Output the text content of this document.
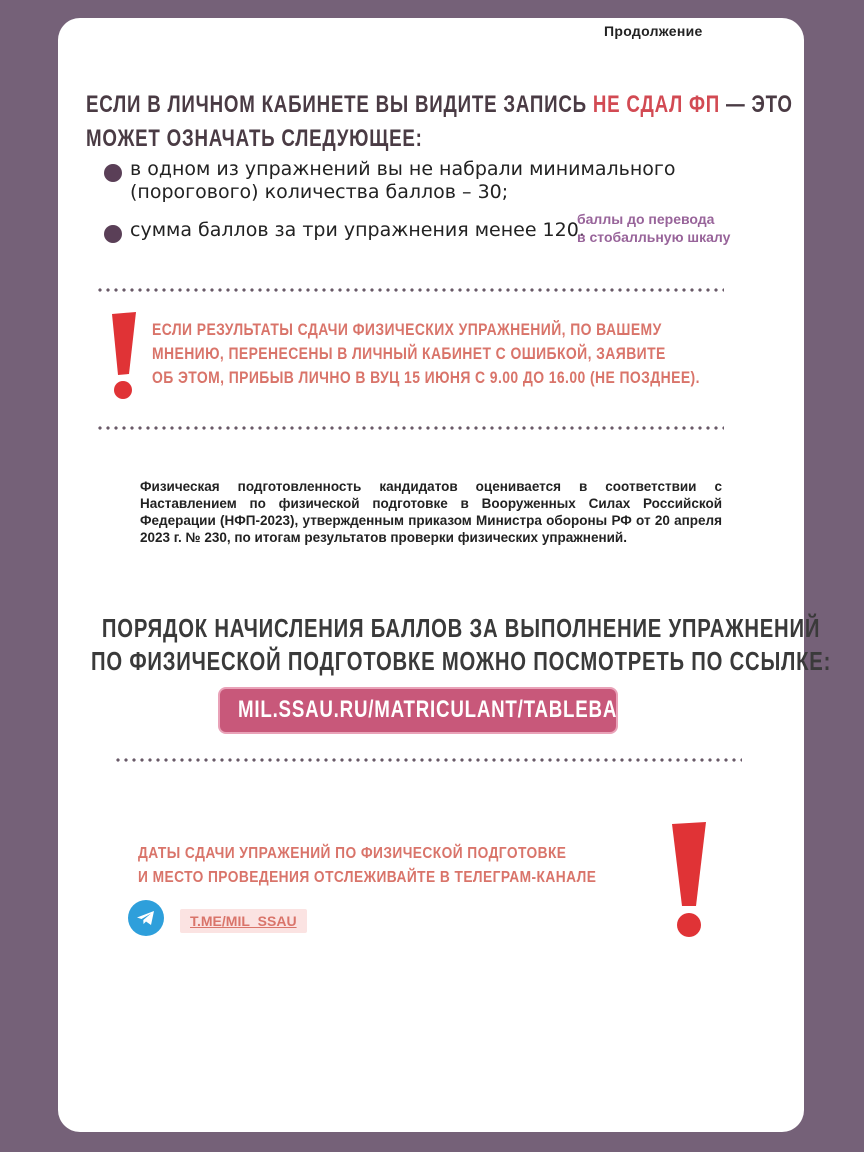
Продолжение
ЕСЛИ В ЛИЧНОМ КАБИНЕТЕ ВЫ ВИДИТЕ ЗАПИСЬ НЕ СДАЛ ФП — ЭТО
МОЖЕТ ОЗНАЧАТЬ СЛЕДУЮЩЕЕ:
в одном из упражнений вы не набрали минимального
(порогового) количества баллов – 30;
сумма баллов за три упражнения менее 120.
баллы до перевода
в стобалльную шкалу
ЕСЛИ РЕЗУЛЬТАТЫ СДАЧИ ФИЗИЧЕСКИХ УПРАЖНЕНИЙ, ПО ВАШЕМУ
МНЕНИЮ, ПЕРЕНЕСЕНЫ В ЛИЧНЫЙ КАБИНЕТ С ОШИБКОЙ, ЗАЯВИТЕ
ОБ ЭТОМ, ПРИБЫВ ЛИЧНО В ВУЦ 15 ИЮНЯ С 9.00 ДО 16.00 (НЕ ПОЗДНЕЕ).
Физическая подготовленность кандидатов оценивается в соответствии с Наставлением по физической подготовке в Вооруженных Силах Российской Федерации (НФП-2023), утвержденным приказом Министра обороны РФ от 20 апреля 2023 г. № 230, по итогам результатов проверки физических упражнений.
ПОРЯДОК НАЧИСЛЕНИЯ БАЛЛОВ ЗА ВЫПОЛНЕНИЕ УПРАЖНЕНИЙ
ПО ФИЗИЧЕСКОЙ ПОДГОТОВКЕ МОЖНО ПОСМОТРЕТЬ ПО ССЫЛКЕ:
MIL.SSAU.RU/MATRICULANT/TABLEBALL
ДАТЫ СДАЧИ УПРАЖЕНИЙ ПО ФИЗИЧЕСКОЙ ПОДГОТОВКЕ
И МЕСТО ПРОВЕДЕНИЯ ОТСЛЕЖИВАЙТЕ В ТЕЛЕГРАМ-КАНАЛЕ
T.ME/MIL_SSAU
